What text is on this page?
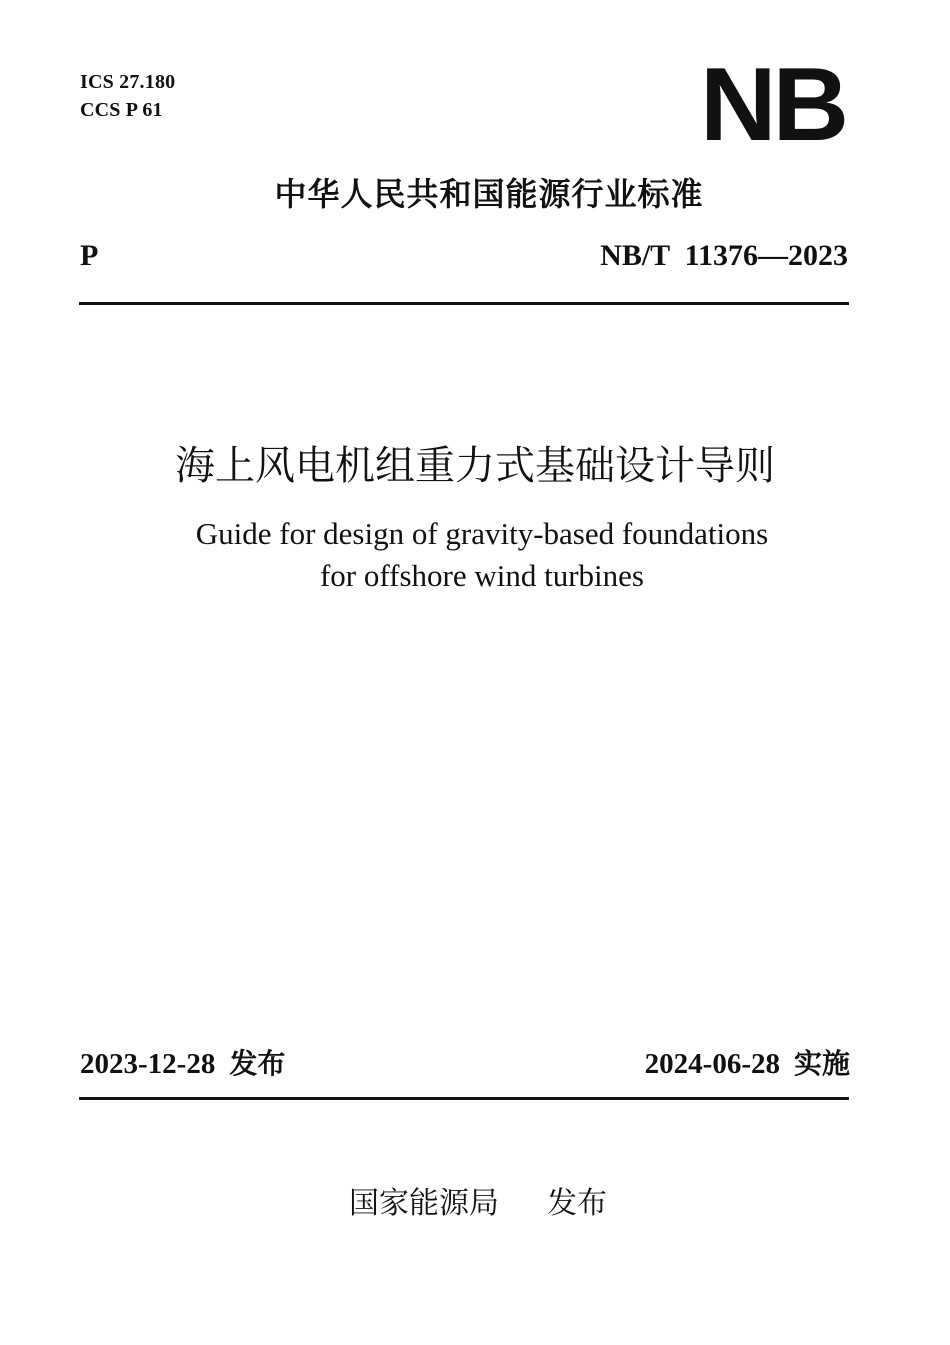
ICS 27.180
CCS P 61	NB
中华人民共和国能源行业标准
P	NB/T  11376—2023
海上风电机组重力式基础设计导则
Guide for design of gravity-based foundations
for offshore wind turbines
2023-12-28 发布	2024-06-28 实施
国家能源局 发布
